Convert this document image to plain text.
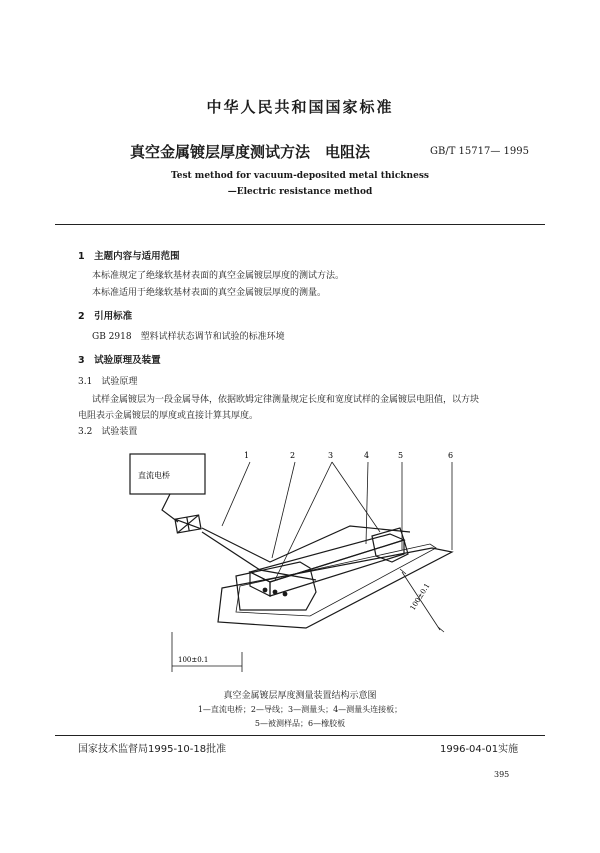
中华人民共和国国家标准
真空金属镀层厚度测试方法　电阻法	GB/T 15717— 1995
Test method for vacuum-deposited metal thickness
—Electric resistance method
1　主题内容与适用范围
本标准规定了绝缘软基材表面的真空金属镀层厚度的测试方法。
本标准适用于绝缘软基材表面的真空金属镀层厚度的测量。
2　引用标准
GB 2918　塑料试样状态调节和试验的标准环境
3　试验原理及装置
3.1　试验原理
试样金属镀层为一段金属导体，依据欧姆定律测量规定长度和宽度试样的金属镀层电阻值，以方块
电阻表示金属镀层的厚度或直接计算其厚度。
3.2　试验装置
直流电桥
1	2	3	4	5	6
100±0.1
100±0.1
真空金属镀层厚度测量装置结构示意图
1—直流电桥；2—导线；3—测量头；4—测量头连接板；
5—被测样品；6—橡胶板
国家技术监督局1995-10-18批准	1996-04-01实施
395
